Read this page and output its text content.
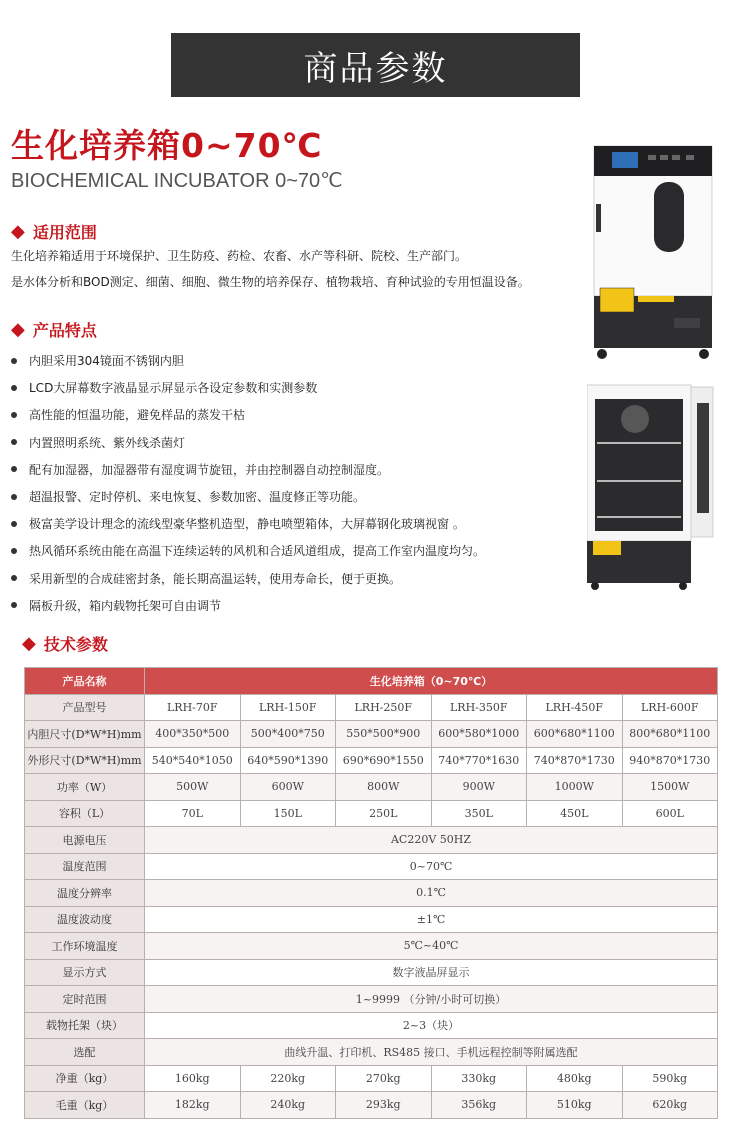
商品参数
生化培养箱0~70℃
BIOCHEMICAL INCUBATOR 0~70℃
◆ 适用范围
生化培养箱适用于环境保护、卫生防疫、药检、农畜、水产等科研、院校、生产部门。
是水体分析和BOD测定、细菌、细胞、微生物的培养保存、植物栽培、育种试验的专用恒温设备。
◆ 产品特点
内胆采用304镜面不锈钢内胆
LCD大屏幕数字液晶显示屏显示各设定参数和实测参数
高性能的恒温功能，避免样品的蒸发干枯
内置照明系统、紫外线杀菌灯
配有加湿器，加湿器带有湿度调节旋钮，并由控制器自动控制湿度。
超温报警、定时停机、来电恢复、参数加密、温度修正等功能。
极富美学设计理念的流线型豪华整机造型，静电喷塑箱体，大屏幕钢化玻璃视窗 。
热风循环系统由能在高温下连续运转的风机和合适风道组成，提高工作室内温度均匀。
采用新型的合成硅密封条，能长期高温运转，使用寿命长，便于更换。
隔板升级，箱内载物托架可自由调节
◆ 技术参数
产品名称	生化培养箱（0~70℃）					
产品型号	LRH-70F	LRH-150F	LRH-250F	LRH-350F	LRH-450F	LRH-600F
内胆尺寸(D*W*H)mm	400*350*500	500*400*750	550*500*900	600*580*1000	600*680*1100	800*680*1100
外形尺寸(D*W*H)mm	540*540*1050	640*590*1390	690*690*1550	740*770*1630	740*870*1730	940*870*1730
功率（W）	500W	600W	800W	900W	1000W	1500W
容积（L）	70L	150L	250L	350L	450L	600L
电源电压	AC220V 50HZ					
温度范围	0~70℃					
温度分辨率	0.1℃					
温度波动度	±1℃					
工作环境温度	5℃~40℃					
显示方式	数字液晶屏显示					
定时范围	1~9999 （分钟/小时可切换）					
载物托架（块）	2~3（块）					
选配	曲线升温、打印机、RS485 接口、手机远程控制等附属选配					
净重（kg）	160kg	220kg	270kg	330kg	480kg	590kg
毛重（kg）	182kg	240kg	293kg	356kg	510kg	620kg
